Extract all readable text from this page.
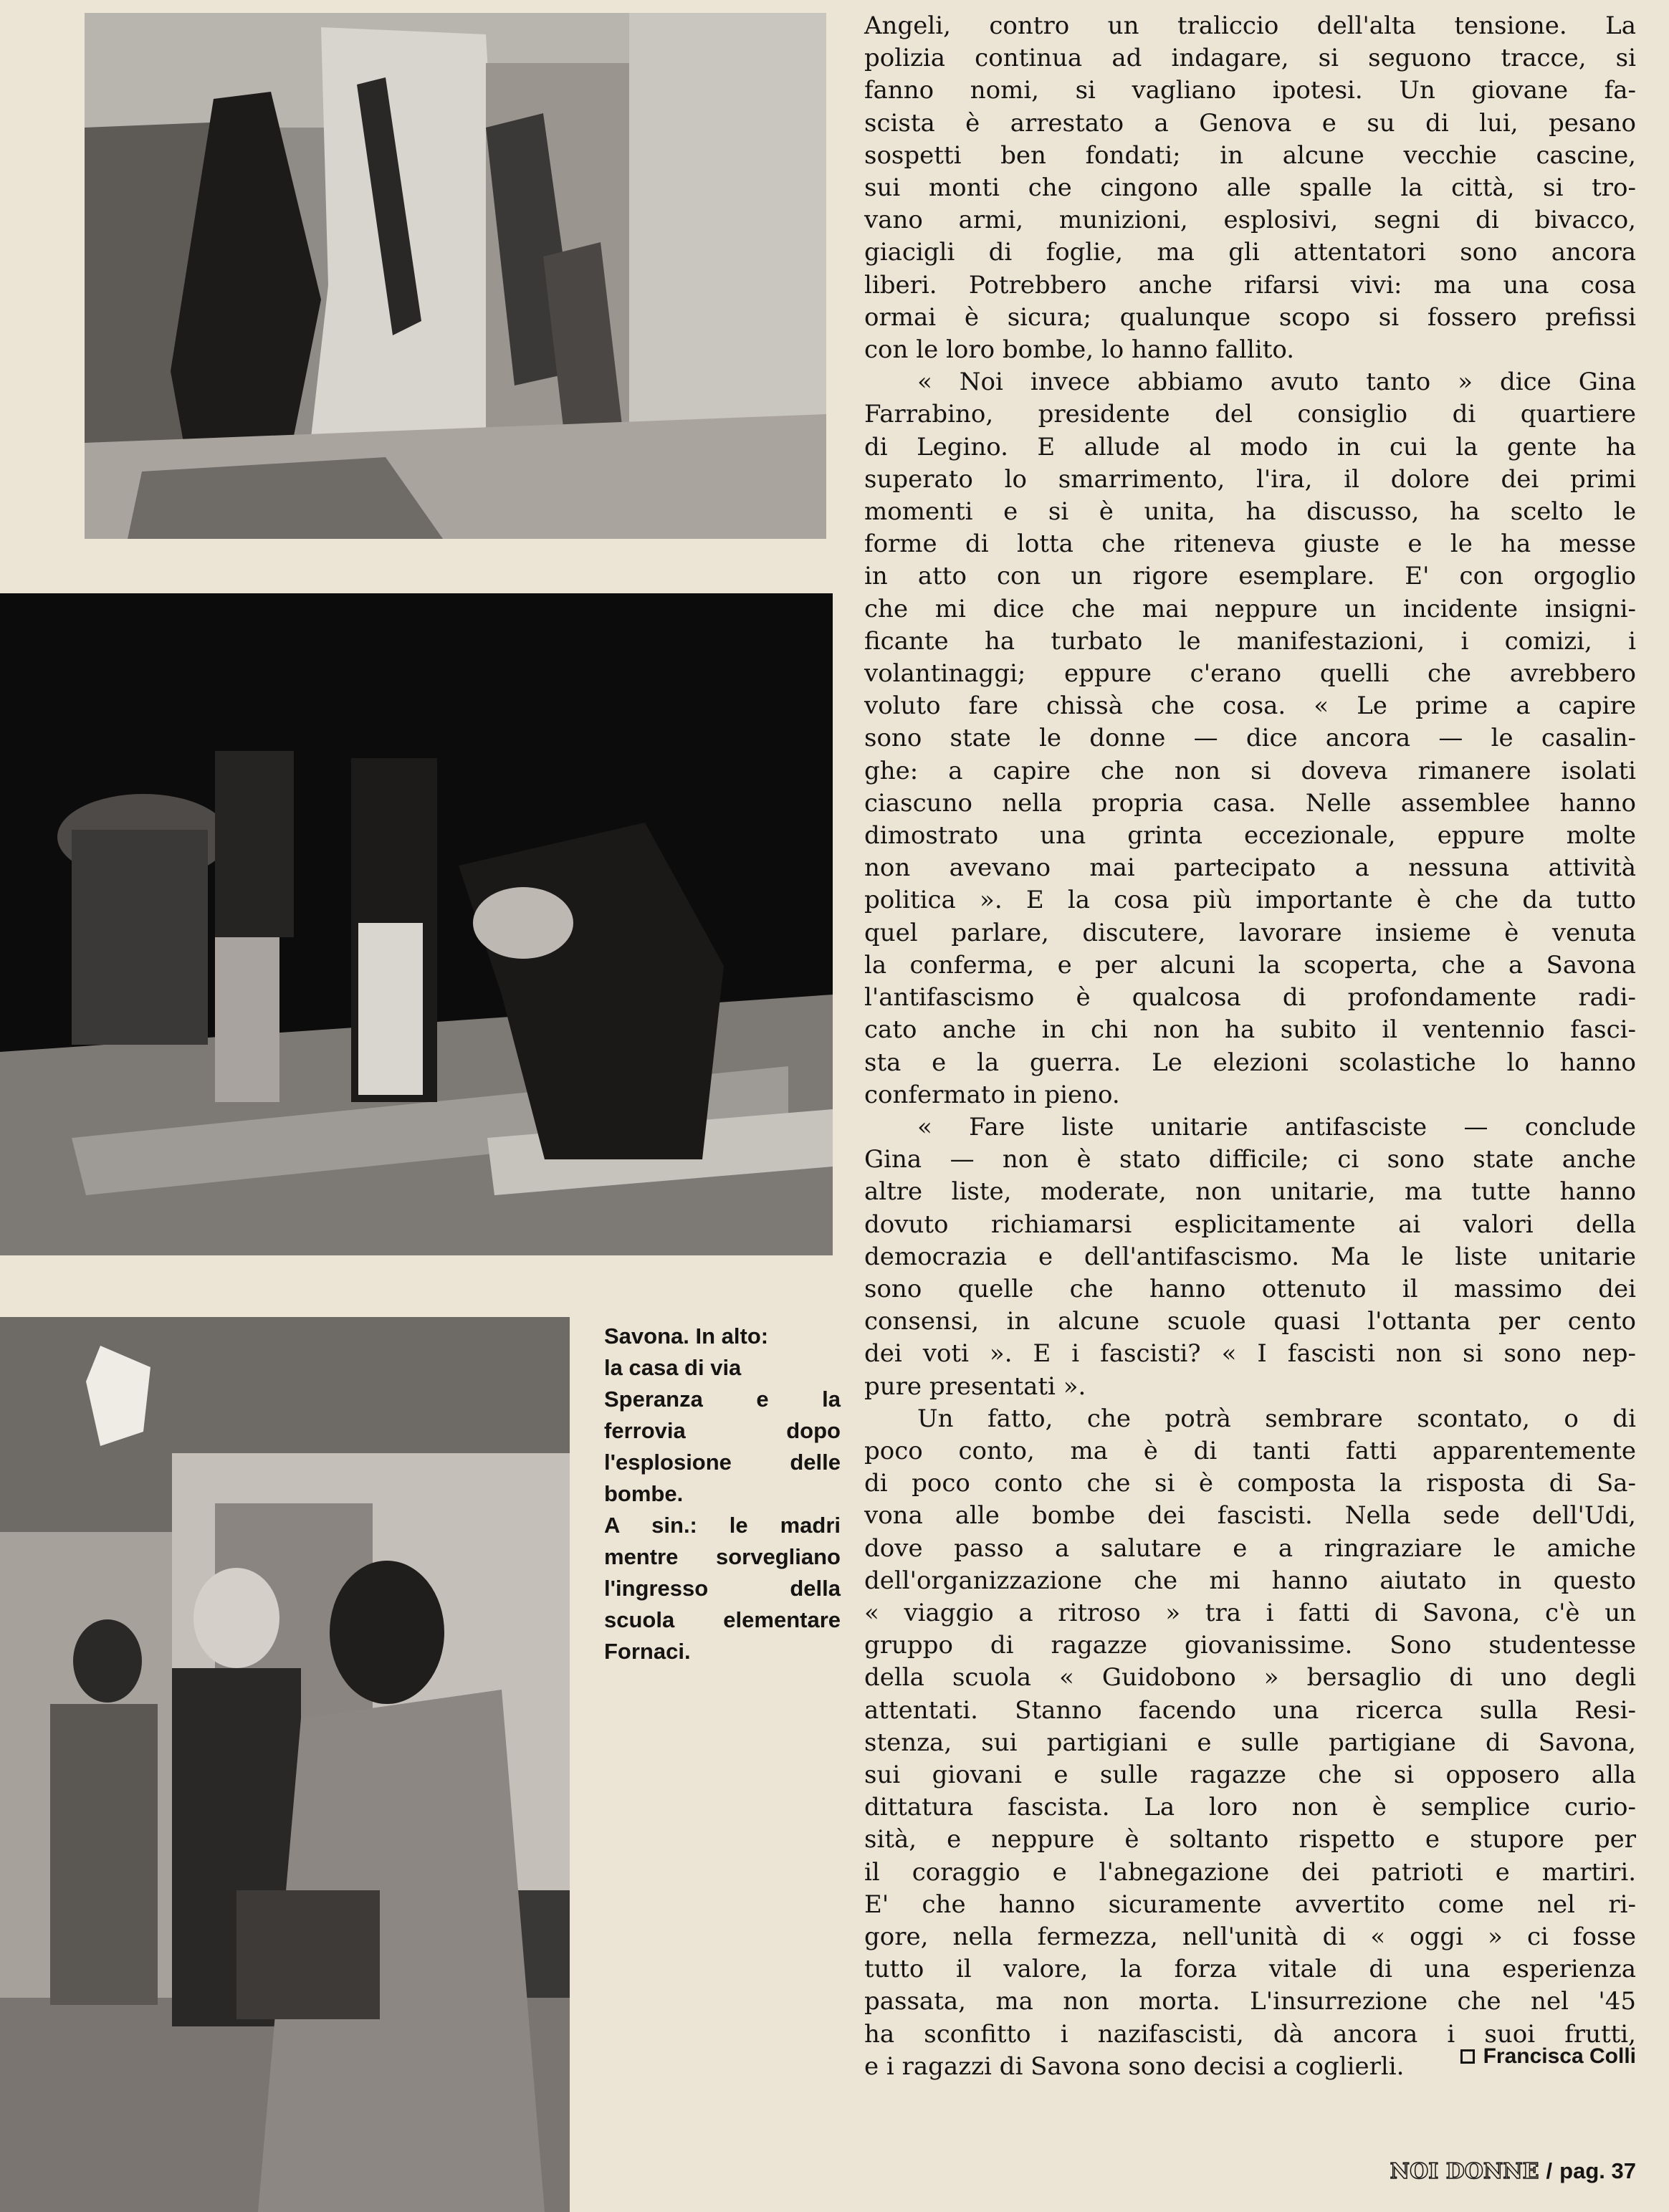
Savona. In alto:
la casa di via
Speranza e la
ferrovia dopo
l'esplosione delle
bombe.
A sin.: le madri
mentre sorvegliano
l'ingresso della
scuola elementare
Fornaci.
Angeli, contro un traliccio dell'alta tensione. La
polizia continua ad indagare, si seguono tracce, si
fanno nomi, si vagliano ipotesi. Un giovane fa-
scista è arrestato a Genova e su di lui, pesano
sospetti ben fondati; in alcune vecchie cascine,
sui monti che cingono alle spalle la città, si tro-
vano armi, munizioni, esplosivi, segni di bivacco,
giacigli di foglie, ma gli attentatori sono ancora
liberi. Potrebbero anche rifarsi vivi: ma una cosa
ormai è sicura; qualunque scopo si fossero prefissi
con le loro bombe, lo hanno fallito.
« Noi invece abbiamo avuto tanto » dice Gina
Farrabino, presidente del consiglio di quartiere
di Legino. E allude al modo in cui la gente ha
superato lo smarrimento, l'ira, il dolore dei primi
momenti e si è unita, ha discusso, ha scelto le
forme di lotta che riteneva giuste e le ha messe
in atto con un rigore esemplare. E' con orgoglio
che mi dice che mai neppure un incidente insigni-
ficante ha turbato le manifestazioni, i comizi, i
volantinaggi; eppure c'erano quelli che avrebbero
voluto fare chissà che cosa. « Le prime a capire
sono state le donne — dice ancora — le casalin-
ghe: a capire che non si doveva rimanere isolati
ciascuno nella propria casa. Nelle assemblee hanno
dimostrato una grinta eccezionale, eppure molte
non avevano mai partecipato a nessuna attività
politica ». E la cosa più importante è che da tutto
quel parlare, discutere, lavorare insieme è venuta
la conferma, e per alcuni la scoperta, che a Savona
l'antifascismo è qualcosa di profondamente radi-
cato anche in chi non ha subito il ventennio fasci-
sta e la guerra. Le elezioni scolastiche lo hanno
confermato in pieno.
« Fare liste unitarie antifasciste — conclude
Gina — non è stato difficile; ci sono state anche
altre liste, moderate, non unitarie, ma tutte hanno
dovuto richiamarsi esplicitamente ai valori della
democrazia e dell'antifascismo. Ma le liste unitarie
sono quelle che hanno ottenuto il massimo dei
consensi, in alcune scuole quasi l'ottanta per cento
dei voti ». E i fascisti? « I fascisti non si sono nep-
pure presentati ».
Un fatto, che potrà sembrare scontato, o di
poco conto, ma è di tanti fatti apparentemente
di poco conto che si è composta la risposta di Sa-
vona alle bombe dei fascisti. Nella sede dell'Udi,
dove passo a salutare e a ringraziare le amiche
dell'organizzazione che mi hanno aiutato in questo
« viaggio a ritroso » tra i fatti di Savona, c'è un
gruppo di ragazze giovanissime. Sono studentesse
della scuola « Guidobono » bersaglio di uno degli
attentati. Stanno facendo una ricerca sulla Resi-
stenza, sui partigiani e sulle partigiane di Savona,
sui giovani e sulle ragazze che si opposero alla
dittatura fascista. La loro non è semplice curio-
sità, e neppure è soltanto rispetto e stupore per
il coraggio e l'abnegazione dei patrioti e martiri.
E' che hanno sicuramente avvertito come nel ri-
gore, nella fermezza, nell'unità di « oggi » ci fosse
tutto il valore, la forza vitale di una esperienza
passata, ma non morta. L'insurrezione che nel '45
ha sconfitto i nazifascisti, dà ancora i suoi frutti,
e i ragazzi di Savona sono decisi a coglierli.	Francisca Colli
NOI DONNE / pag. 37
